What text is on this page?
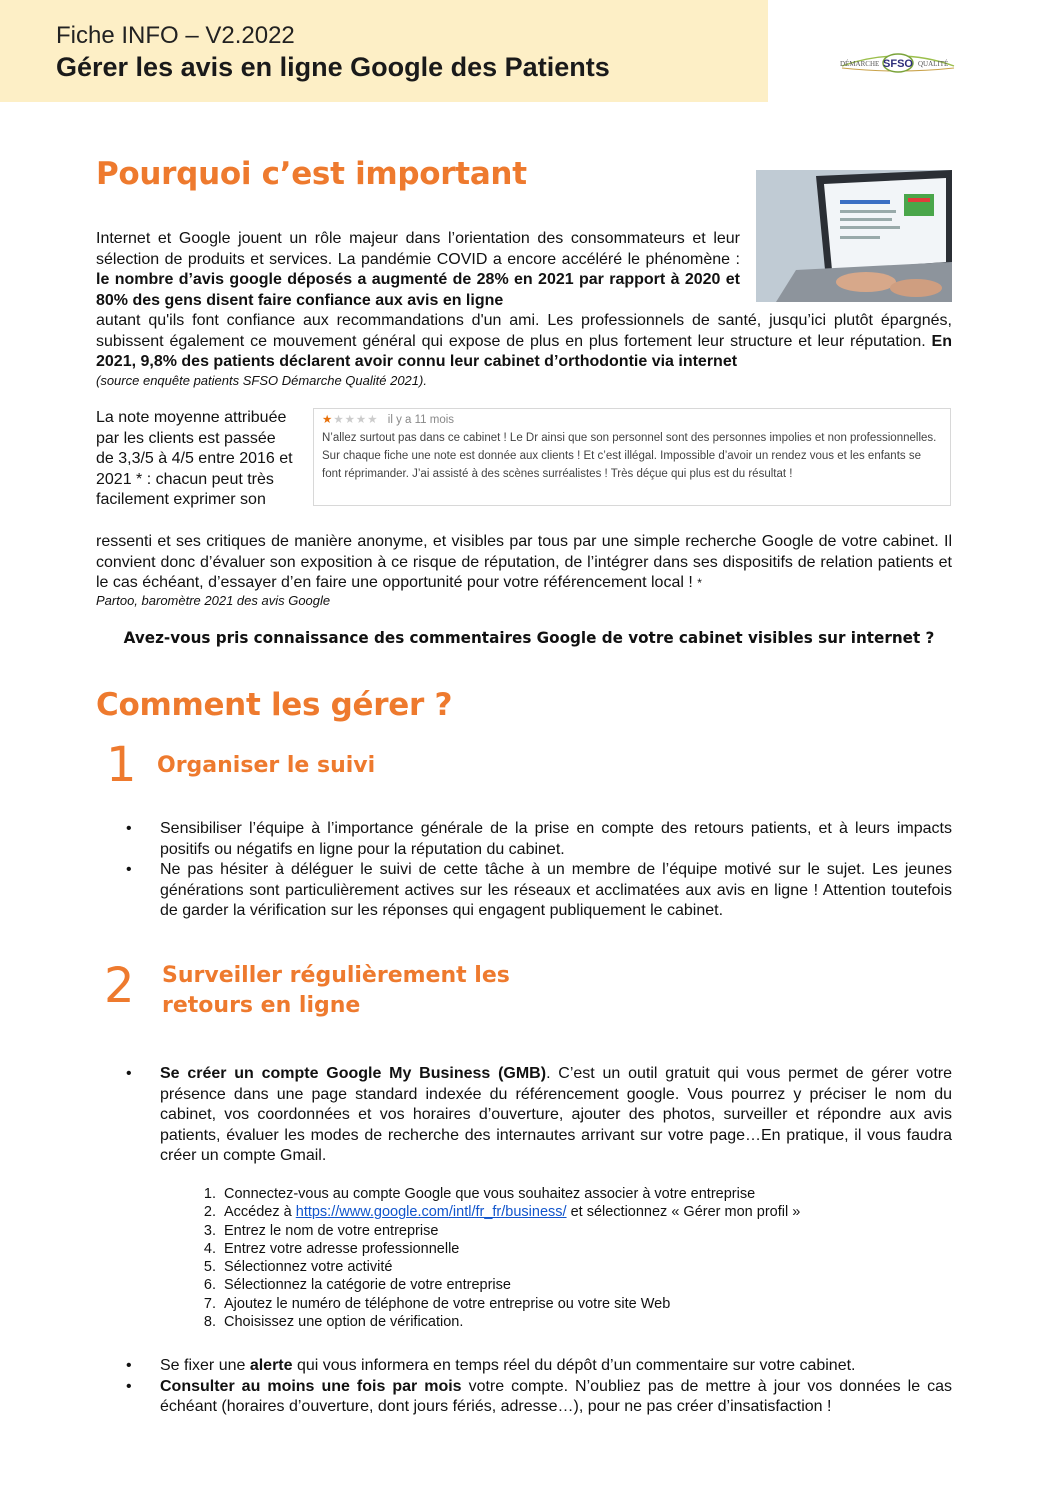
Fiche INFO – V2.2022
Gérer les avis en ligne Google des Patients	DÉMARCHE SFSO QUALITÉ
Pourquoi c’est important

Internet et Google jouent un rôle majeur dans l’orientation des consommateurs et leur sélection de produits et services. La pandémie COVID a encore accéléré le phénomène : le nombre d’avis google déposés a augmenté de 28% en 2021 par rapport à 2020 et 80% des gens disent faire confiance aux avis en ligne

autant qu'ils font confiance aux recommandations d'un ami. Les professionnels de santé, jusqu’ici plutôt épargnés, subissent également ce mouvement général qui expose de plus en plus fortement leur structure et leur réputation. En 2021, 9,8% des patients déclarent avoir connu leur cabinet d’orthodontie via internet

(source enquête patients SFSO Démarche Qualité 2021).

La note moyenne attribuée par les clients est passée de 3,3/5 à 4/5 entre 2016 et 2021 * : chacun peut très facilement exprimer son

★★★★★ il y a 11 mois
N’allez surtout pas dans ce cabinet ! Le Dr ainsi que son personnel sont des personnes impolies et non professionnelles. Sur chaque fiche une note est donnée aux clients ! Et c’est illégal. Impossible d’avoir un rendez vous et les enfants se font réprimander. J’ai assisté à des scènes surréalistes ! Très déçue qui plus est du résultat !

ressenti et ses critiques de manière anonyme, et visibles par tous par une simple recherche Google de votre cabinet. Il convient donc d’évaluer son exposition à ce risque de réputation, de l’intégrer dans ses dispositifs de relation patients et le cas échéant, d’essayer d’en faire une opportunité pour votre référencement local ! *

Partoo, baromètre 2021 des avis Google
Avez-vous pris connaissance des commentaires Google de votre cabinet visibles sur internet ?
Comment les gérer ?
1 Organiser le suivi
• Sensibiliser l’équipe à l’importance générale de la prise en compte des retours patients, et à leurs impacts positifs ou négatifs en ligne pour la réputation du cabinet.
• Ne pas hésiter à déléguer le suivi de cette tâche à un membre de l’équipe motivé sur le sujet. Les jeunes générations sont particulièrement actives sur les réseaux et acclimatées aux avis en ligne ! Attention toutefois de garder la vérification sur les réponses qui engagent publiquement le cabinet.
2 Surveiller régulièrement les
retours en ligne
• Se créer un compte Google My Business (GMB). C’est un outil gratuit qui vous permet de gérer votre présence dans une page standard indexée du référencement google. Vous pourrez y préciser le nom du cabinet, vos coordonnées et vos horaires d’ouverture, ajouter des photos, surveiller et répondre aux avis patients, évaluer les modes de recherche des internautes arrivant sur votre page…En pratique, il vous faudra créer un compte Gmail.
1. Connectez-vous au compte Google que vous souhaitez associer à votre entreprise
2. Accédez à https://www.google.com/intl/fr_fr/business/ et sélectionnez « Gérer mon profil »
3. Entrez le nom de votre entreprise
4. Entrez votre adresse professionnelle
5. Sélectionnez votre activité
6. Sélectionnez la catégorie de votre entreprise
7. Ajoutez le numéro de téléphone de votre entreprise ou votre site Web
8. Choisissez une option de vérification.
• Se fixer une alerte qui vous informera en temps réel du dépôt d’un commentaire sur votre cabinet.
• Consulter au moins une fois par mois votre compte. N’oubliez pas de mettre à jour vos données le cas échéant (horaires d’ouverture, dont jours fériés, adresse…), pour ne pas créer d’insatisfaction !
